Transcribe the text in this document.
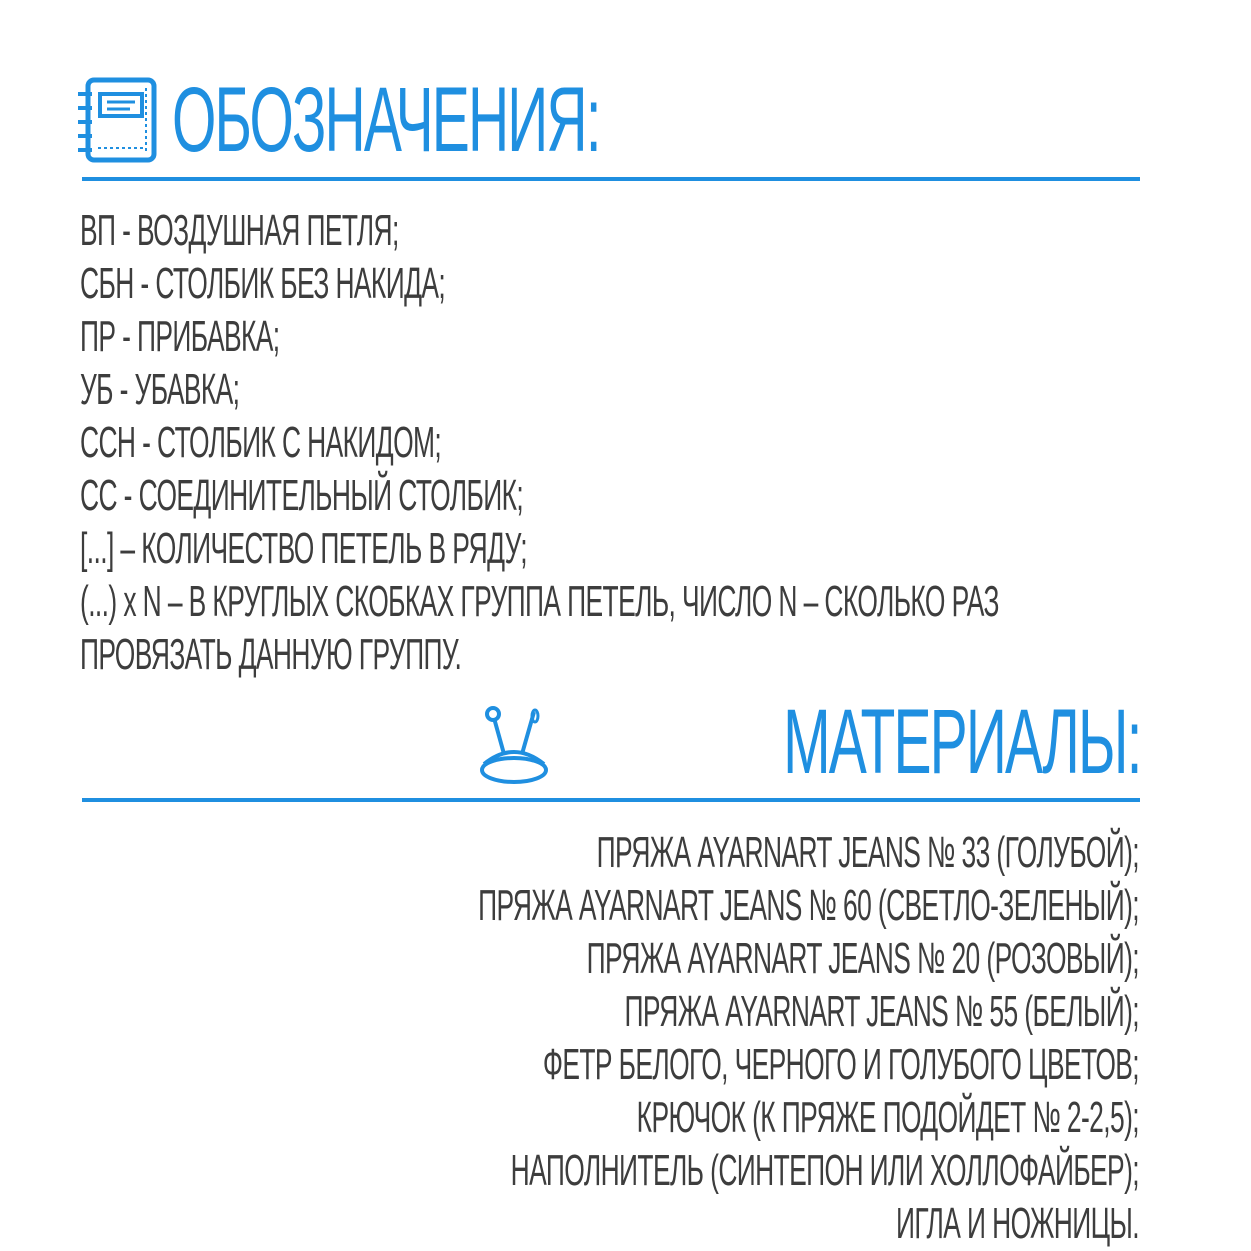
ОБОЗНАЧЕНИЯ:
ВП - ВОЗДУШНАЯ ПЕТЛЯ;
СБН - СТОЛБИК БЕЗ НАКИДА;
ПР - ПРИБАВКА;
УБ - УБАВКА;
ССН - СТОЛБИК С НАКИДОМ;
СС - СОЕДИНИТЕЛЬНЫЙ СТОЛБИК;
[...] – КОЛИЧЕСТВО ПЕТЕЛЬ В РЯДУ;
(...) x N – В КРУГЛЫХ СКОБКАХ ГРУППА ПЕТЕЛЬ, ЧИСЛО N – СКОЛЬКО РАЗ
ПРОВЯЗАТЬ ДАННУЮ ГРУППУ.
МАТЕРИАЛЫ:
ПРЯЖА AYARNART JEANS № 33 (ГОЛУБОЙ);
ПРЯЖА AYARNART JEANS № 60 (СВЕТЛО-ЗЕЛЕНЫЙ);
ПРЯЖА AYARNART JEANS № 20 (РОЗОВЫЙ);
ПРЯЖА AYARNART JEANS № 55 (БЕЛЫЙ);
ФЕТР БЕЛОГО, ЧЕРНОГО И ГОЛУБОГО ЦВЕТОВ;
КРЮЧОК (К ПРЯЖЕ ПОДОЙДЕТ № 2-2,5);
НАПОЛНИТЕЛЬ (СИНТЕПОН ИЛИ ХОЛЛОФАЙБЕР);
ИГЛА И НОЖНИЦЫ.
